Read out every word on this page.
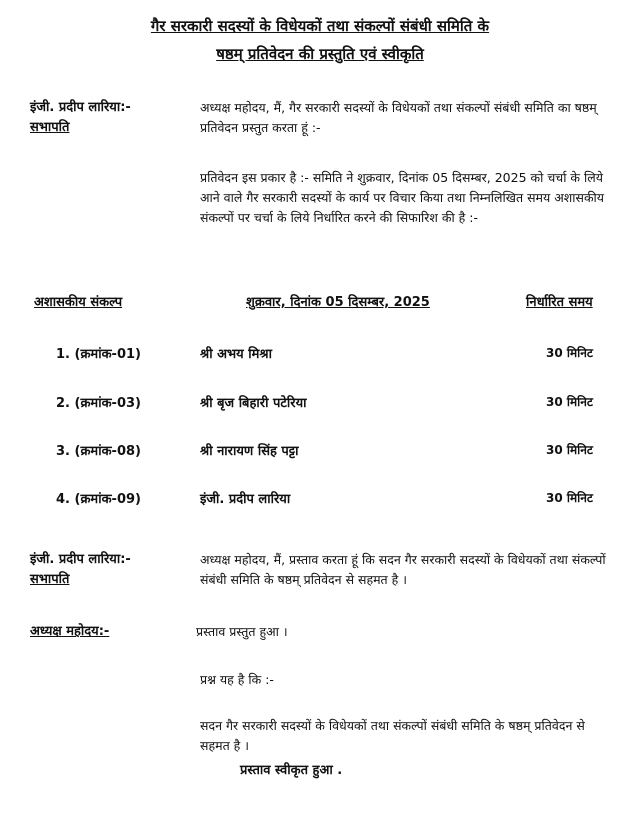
गैर सरकारी सदस्यों के विधेयकों तथा संकल्पों संबंधी समिति के
षष्ठम् प्रतिवेदन की प्रस्तुति एवं स्वीकृति
इंजी. प्रदीप लारिया:-
सभापति
अध्यक्ष महोदय, मैं, गैर सरकारी सदस्यों के विधेयकों तथा संकल्पों संबंधी समिति का षष्ठम् प्रतिवेदन प्रस्तुत करता हूं :-
प्रतिवेदन इस प्रकार है :- समिति ने शुक्रवार, दिनांक 05 दिसम्बर, 2025 को चर्चा के लिये आने वाले गैर सरकारी सदस्यों के कार्य पर विचार किया तथा निम्नलिखित समय अशासकीय संकल्पों पर चर्चा के लिये निर्धारित करने की सिफारिश की है :-
अशासकीय संकल्प	शुक्रवार, दिनांक 05 दिसम्बर, 2025	निर्धारित समय
1. (क्रमांक-01)	श्री अभय मिश्रा	30 मिनिट
2. (क्रमांक-03)	श्री बृज बिहारी पटेरिया	30 मिनिट
3. (क्रमांक-08)	श्री नारायण सिंह पट्टा	30 मिनिट
4. (क्रमांक-09)	इंजी. प्रदीप लारिया	30 मिनिट
इंजी. प्रदीप लारिया:-
सभापति
अध्यक्ष महोदय, मैं, प्रस्ताव करता हूं कि सदन गैर सरकारी सदस्यों के विधेयकों तथा संकल्पों संबंधी समिति के षष्ठम् प्रतिवेदन से सहमत है ।
अध्यक्ष महोदय:-	प्रस्ताव प्रस्तुत हुआ ।
प्रश्न यह है कि :-
सदन गैर सरकारी सदस्यों के विधेयकों तथा संकल्पों संबंधी समिति के षष्ठम् प्रतिवेदन से सहमत है ।
प्रस्ताव स्वीकृत हुआ .
